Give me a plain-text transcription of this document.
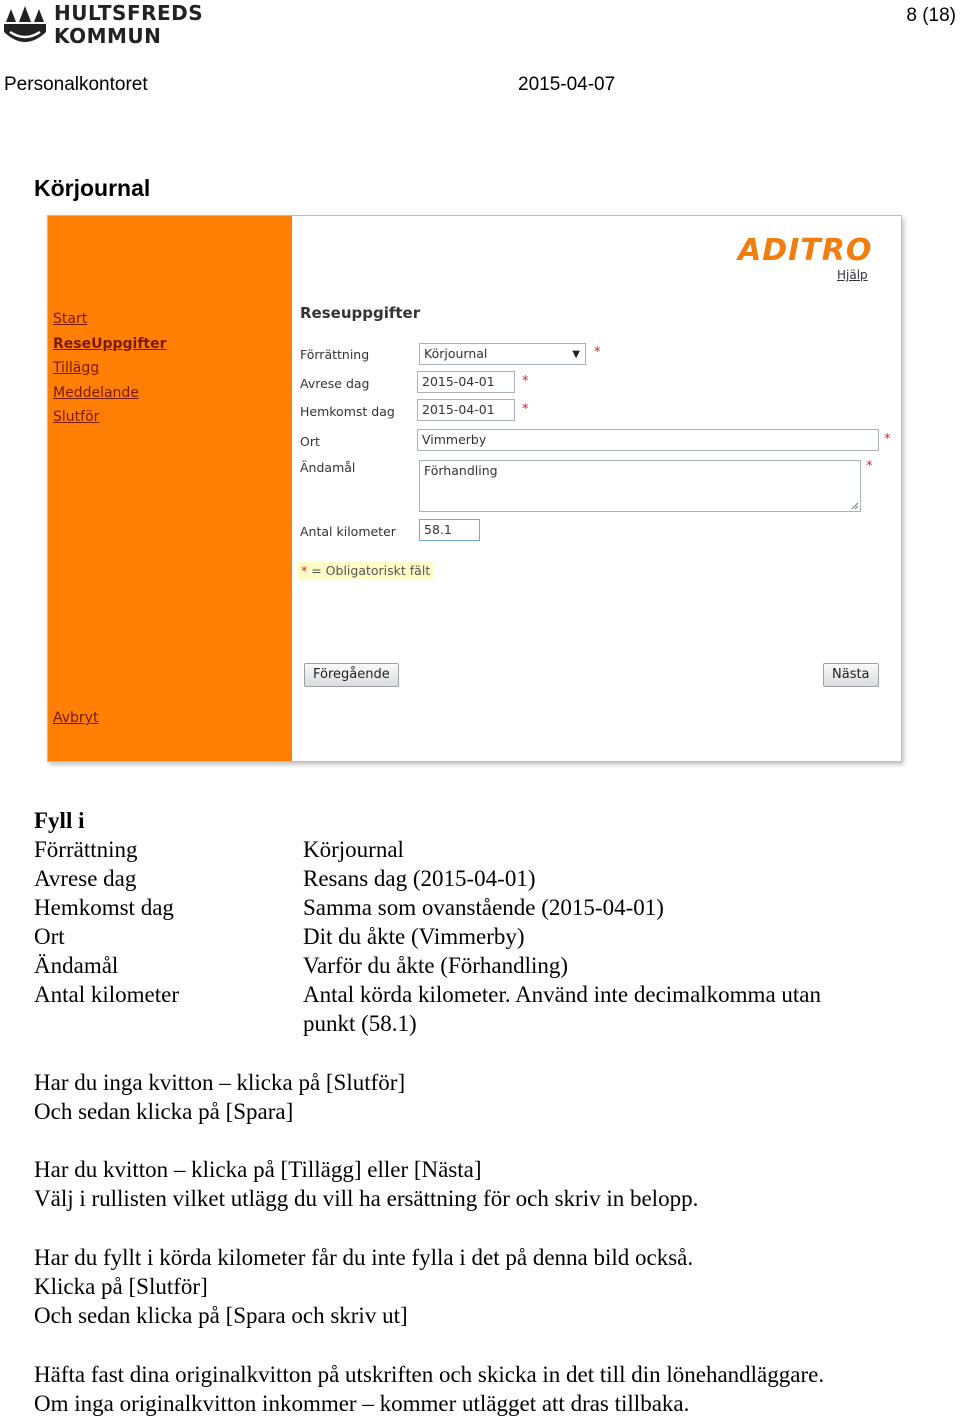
HULTSFREDS
KOMMUN
8 (18)
Personalkontoret	2015-04-07
Körjournal
Start
ReseUppgifter
Tillägg
Meddelande
Slutför
Avbryt
ADITRO
Hjälp
Reseuppgifter
Förrättning	Körjournal	▼ *
Avrese dag	2015-04-01	*
Hemkomst dag	2015-04-01	*
Ort	Vimmerby	*
Ändamål	Förhandling	*
Antal kilometer	58.1
* = Obligatoriskt fält
Föregående	Nästa
Fyll i
Förrättning	Körjournal
Avrese dag	Resans dag (2015-04-01)
Hemkomst dag	Samma som ovanstående (2015-04-01)
Ort	Dit du åkte (Vimmerby)
Ändamål	Varför du åkte (Förhandling)
Antal kilometer	Antal körda kilometer. Använd inte decimalkomma utan
punkt (58.1)
Har du inga kvitton – klicka på [Slutför]
Och sedan klicka på [Spara]
Har du kvitton – klicka på [Tillägg] eller [Nästa]
Välj i rullisten vilket utlägg du vill ha ersättning för och skriv in belopp.
Har du fyllt i körda kilometer får du inte fylla i det på denna bild också.
Klicka på [Slutför]
Och sedan klicka på [Spara och skriv ut]
Häfta fast dina originalkvitton på utskriften och skicka in det till din lönehandläggare.
Om inga originalkvitton inkommer – kommer utlägget att dras tillbaka.
